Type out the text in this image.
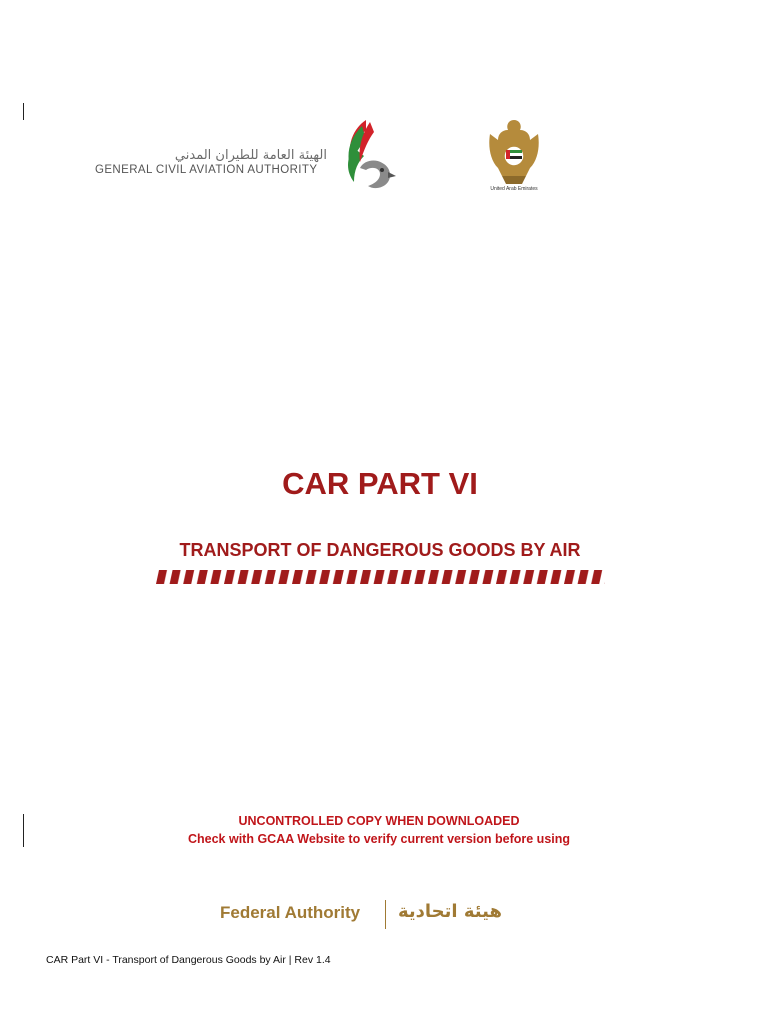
الهيئة العامة للطيران المدني
GENERAL CIVIL AVIATION AUTHORITY
United Arab Emirates
CAR PART VI
TRANSPORT OF DANGEROUS GOODS BY AIR
UNCONTROLLED COPY WHEN DOWNLOADED
Check with GCAA Website to verify current version before using
Federal Authority هيئة اتحادية
CAR Part VI - Transport of Dangerous Goods by Air | Rev 1.4
